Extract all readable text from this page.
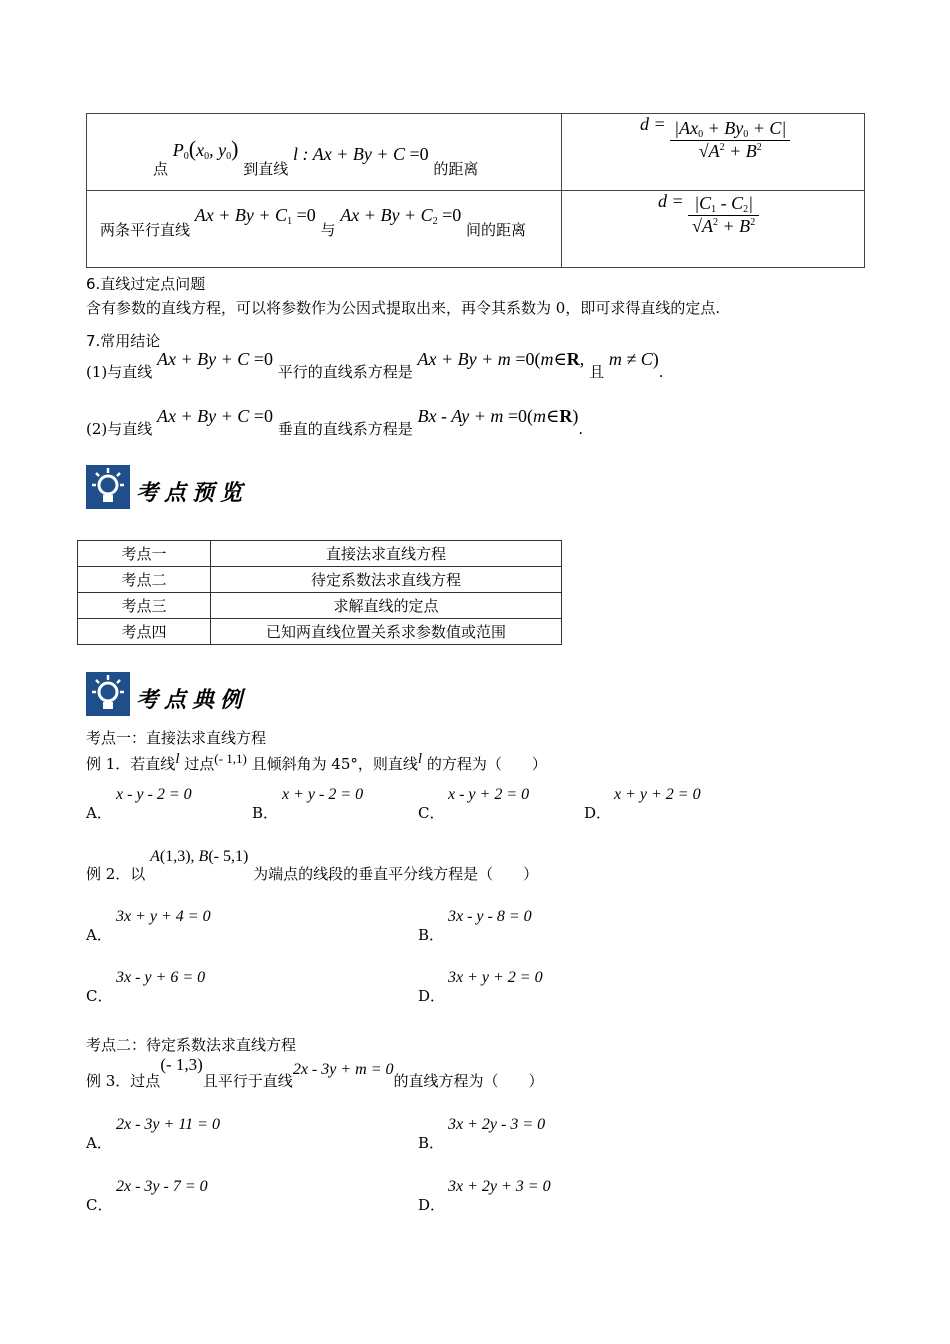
点 $P_0(x_0$, $y_0$) 到直线 l : Ax + By + C =0 的距离	$d = \frac{|Ax_0 + By_0 + C|}{√A^2 + B^2}$

两条平行直线 $Ax + By + C_1 =0$ 与 $Ax + By + C_2 =0$ 间的距离	$d = \frac{|C_1 - C_2|}{√A^2 + B^2}$
6.直线过定点问题
含有参数的直线方程，可以将参数作为公因式提取出来，再令其系数为 0，即可求得直线的定点.
7.常用结论
(1)与直线 Ax + By + C =0 平行的直线系方程是 Ax + By + m =0(m∈R, 且 m ≠ C).
(2)与直线 Ax + By + C =0 垂直的直线系方程是 Bx - Ay + m =0(m∈R).
考点预览
考点一	直接法求直线方程
考点二	待定系数法求直线方程
考点三	求解直线的定点
考点四	已知两直线位置关系求参数值或范围
考点典例
考点一：直接法求直线方程
例 1．若直线l 过点(- 1,1) 且倾斜角为 45°，则直线l 的方程为（　　）
A．
x - y - 2 = 0
B．
x + y - 2 = 0
C．
x - y + 2 = 0
D．
x + y + 2 = 0
例 2．以 A(1,3), B(- 5,1) 为端点的线段的垂直平分线方程是（　　）
A．
3x + y + 4 = 0
B．
3x - y - 8 = 0
C．
3x - y + 6 = 0
D．
3x + y + 2 = 0
考点二：待定系数法求直线方程
例 3．过点(- 1,3)且平行于直线2x - 3y + m = 0的直线方程为（　　）
A．
2x - 3y + 11 = 0
B．
3x + 2y - 3 = 0
C．
2x - 3y - 7 = 0
D．
3x + 2y + 3 = 0
